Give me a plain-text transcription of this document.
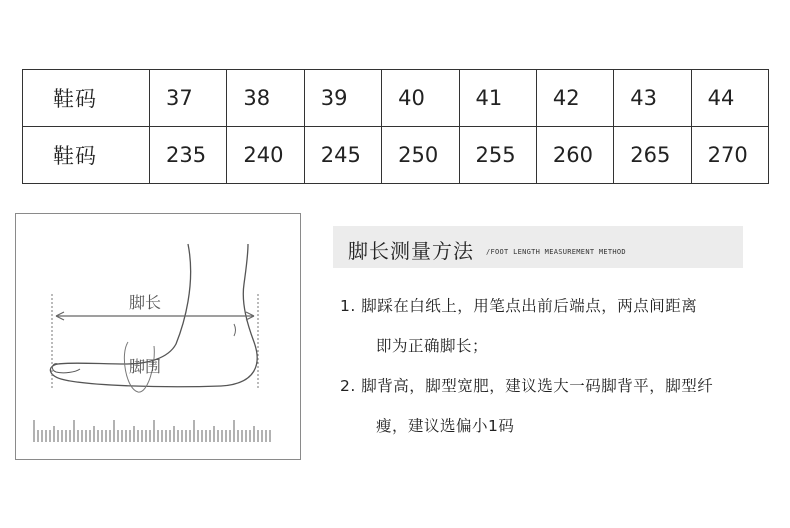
鞋码	37	38	39	40	41	42	43	44
鞋码	235	240	245	250	255	260	265	270
脚长
脚围
脚长测量方法 /FOOT LENGTH MEASUREMENT METHOD
1. 脚踩在白纸上，用笔点出前后端点，两点间距离
即为正确脚长；
2. 脚背高，脚型宽肥，建议选大一码脚背平，脚型纤
瘦，建议选偏小1码
